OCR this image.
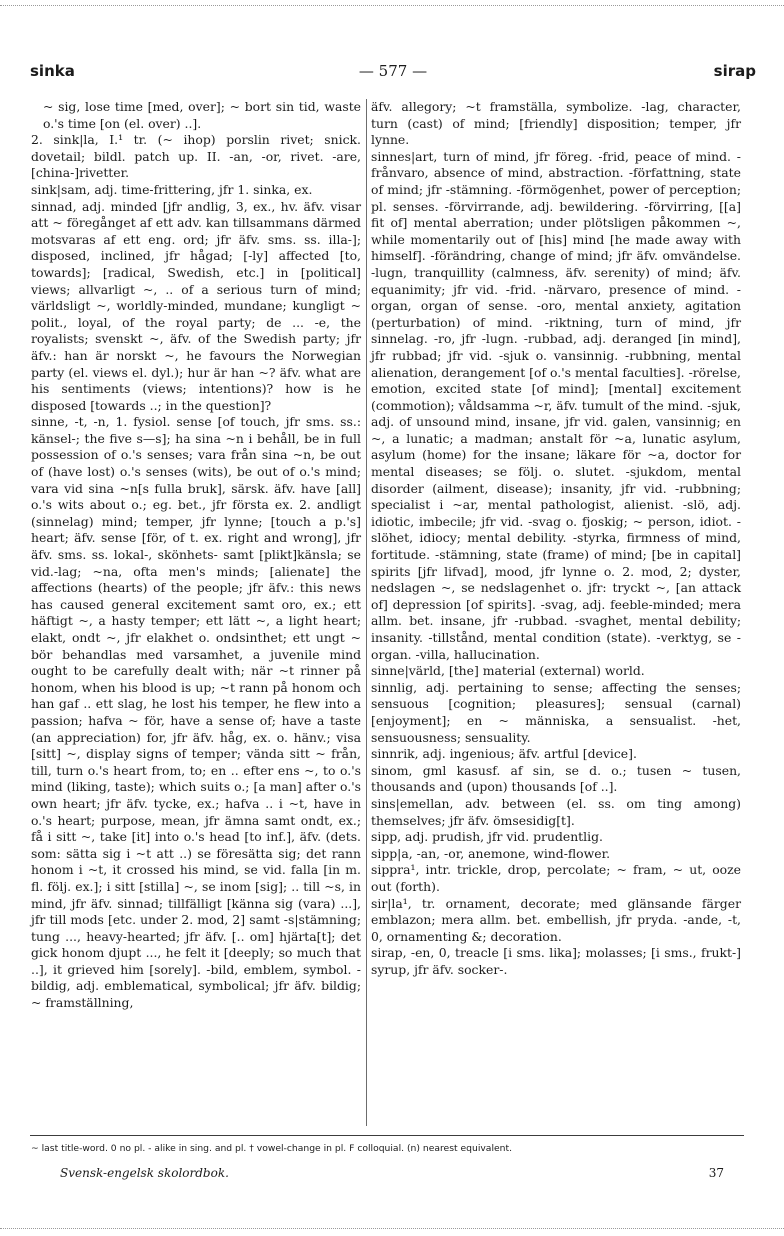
sinka	— 577 —	sirap

~ sig, lose time [med, over]; ~ bort sin tid, waste o.'s time [on (el. over) ..].

2. sink|la, I.¹ tr. (~ ihop) porslin rivet; snick. dovetail; bildl. patch up. II. -an, -or, rivet. -are, [china-]rivetter.

sink|sam, adj. time-frittering, jfr 1. sinka, ex.

sinnad, adj. minded [jfr andlig, 3, ex., hv. äfv. visar att ~ föregånget af ett adv. kan tillsammans därmed motsvaras af ett eng. ord; jfr äfv. sms. ss. illa-]; disposed, inclined, jfr hågad; [-ly] affected [to, towards]; [radical, Swedish, etc.] in [political] views; allvarligt ~, .. of a serious turn of mind; världsligt ~, worldly-minded, mundane; kungligt ~ polit., loyal, of the royal party; de ... -e, the royalists; svenskt ~, äfv. of the Swedish party; jfr äfv.: han är norskt ~, he favours the Norwegian party (el. views el. dyl.); hur är han ~? äfv. what are his sentiments (views; intentions)? how is he disposed [towards ..; in the question]?

sinne, -t, -n, 1. fysiol. sense [of touch, jfr sms. ss.: känsel-; the five s—s]; ha sina ~n i behåll, be in full possession of o.'s senses; vara från sina ~n, be out of (have lost) o.'s senses (wits), be out of o.'s mind; vara vid sina ~n[s fulla bruk], särsk. äfv. have [all] o.'s wits about o.; eg. bet., jfr första ex. 2. andligt (sinnelag) mind; temper, jfr lynne; [touch a p.'s] heart; äfv. sense [för, of t. ex. right and wrong], jfr äfv. sms. ss. lokal-, skönhets- samt [plikt]känsla; se vid.-lag; ~na, ofta men's minds; [alienate] the affections (hearts) of the people; jfr äfv.: this news has caused general excitement samt oro, ex.; ett häftigt ~, a hasty temper; ett lätt ~, a light heart; elakt, ondt ~, jfr elakhet o. ondsinthet; ett ungt ~ bör behandlas med varsamhet, a juvenile mind ought to be carefully dealt with; när ~t rinner på honom, when his blood is up; ~t rann på honom och han gaf .. ett slag, he lost his temper, he flew into a passion; hafva ~ för, have a sense of; have a taste (an appreciation) for, jfr äfv. håg, ex. o. hänv.; visa [sitt] ~, display signs of temper; vända sitt ~ från, till, turn o.'s heart from, to; en .. efter ens ~, to o.'s mind (liking, taste); which suits o.; [a man] after o.'s own heart; jfr äfv. tycke, ex.; hafva .. i ~t, have in o.'s heart; purpose, mean, jfr ämna samt ondt, ex.; få i sitt ~, take [it] into o.'s head [to inf.], äfv. (dets. som: sätta sig i ~t att ..) se föresätta sig; det rann honom i ~t, it crossed his mind, se vid. falla [in m. fl. följ. ex.]; i sitt [stilla] ~, se inom [sig]; .. till ~s, in mind, jfr äfv. sinnad; tillfälligt [känna sig (vara) ...], jfr till mods [etc. under 2. mod, 2] samt -s|stämning; tung ..., heavy-hearted; jfr äfv. [.. om] hjärta[t]; det gick honom djupt ..., he felt it [deeply; so much that ..], it grieved him [sorely]. -bild, emblem, symbol. -bildig, adj. emblematical, symbolical; jfr äfv. bildig; ~ framställning,

äfv. allegory; ~t framställa, symbolize. -lag, character, turn (cast) of mind; [friendly] disposition; temper, jfr lynne.

sinnes|art, turn of mind, jfr föreg. -frid, peace of mind. -frånvaro, absence of mind, abstraction. -författning, state of mind; jfr -stämning. -förmögenhet, power of perception; pl. senses. -förvirrande, adj. bewildering. -förvirring, [[a] fit of] mental aberration; under plötsligen påkommen ~, while momentarily out of [his] mind [he made away with himself]. -förändring, change of mind; jfr äfv. omvändelse. -lugn, tranquillity (calmness, äfv. serenity) of mind; äfv. equanimity; jfr vid. -frid. -närvaro, presence of mind. -organ, organ of sense. -oro, mental anxiety, agitation (perturbation) of mind. -riktning, turn of mind, jfr sinnelag. -ro, jfr -lugn. -rubbad, adj. deranged [in mind], jfr rubbad; jfr vid. -sjuk o. vansinnig. -rubbning, mental alienation, derangement [of o.'s mental faculties]. -rörelse, emotion, excited state [of mind]; [mental] excitement (commotion); våldsamma ~r, äfv. tumult of the mind. -sjuk, adj. of unsound mind, insane, jfr vid. galen, vansinnig; en ~, a lunatic; a madman; anstalt för ~a, lunatic asylum, asylum (home) for the insane; läkare för ~a, doctor for mental diseases; se följ. o. slutet. -sjukdom, mental disorder (ailment, disease); insanity, jfr vid. -rubbning; specialist i ~ar, mental pathologist, alienist. -slö, adj. idiotic, imbecile; jfr vid. -svag o. fjoskig; ~ person, idiot. -slöhet, idiocy; mental debility. -styrka, firmness of mind, fortitude. -stämning, state (frame) of mind; [be in capital] spirits [jfr lifvad], mood, jfr lynne o. 2. mod, 2; dyster, nedslagen ~, se nedslagenhet o. jfr: tryckt ~, [an attack of] depression [of spirits]. -svag, adj. feeble-minded; mera allm. bet. insane, jfr -rubbad. -svaghet, mental debility; insanity. -tillstånd, mental condition (state). -verktyg, se -organ. -villa, hallucination.

sinne|värld, [the] material (external) world.

sinnlig, adj. pertaining to sense; affecting the senses; sensuous [cognition; pleasures]; sensual (carnal) [enjoyment]; en ~ människa, a sensualist. -het, sensuousness; sensuality.

sinnrik, adj. ingenious; äfv. artful [device].

sinom, gml kasusf. af sin, se d. o.; tusen ~ tusen, thousands and (upon) thousands [of ..].

sins|emellan, adv. between (el. ss. om ting among) themselves; jfr äfv. ömsesidig[t].

sipp, adj. prudish, jfr vid. prudentlig.

sipp|a, -an, -or, anemone, wind-flower.

sippra¹, intr. trickle, drop, percolate; ~ fram, ~ ut, ooze out (forth).

sir|la¹, tr. ornament, decorate; med glänsande färger emblazon; mera allm. bet. embellish, jfr pryda. -ande, -t, 0, ornamenting &; decoration.

sirap, -en, 0, treacle [i sms. lika]; molasses; [i sms., frukt-] syrup, jfr äfv. socker-.

~ last title-word. 0 no pl. - alike in sing. and pl. † vowel-change in pl. F colloquial. (n) nearest equivalent.
Svensk-engelsk skolordbok.	37
